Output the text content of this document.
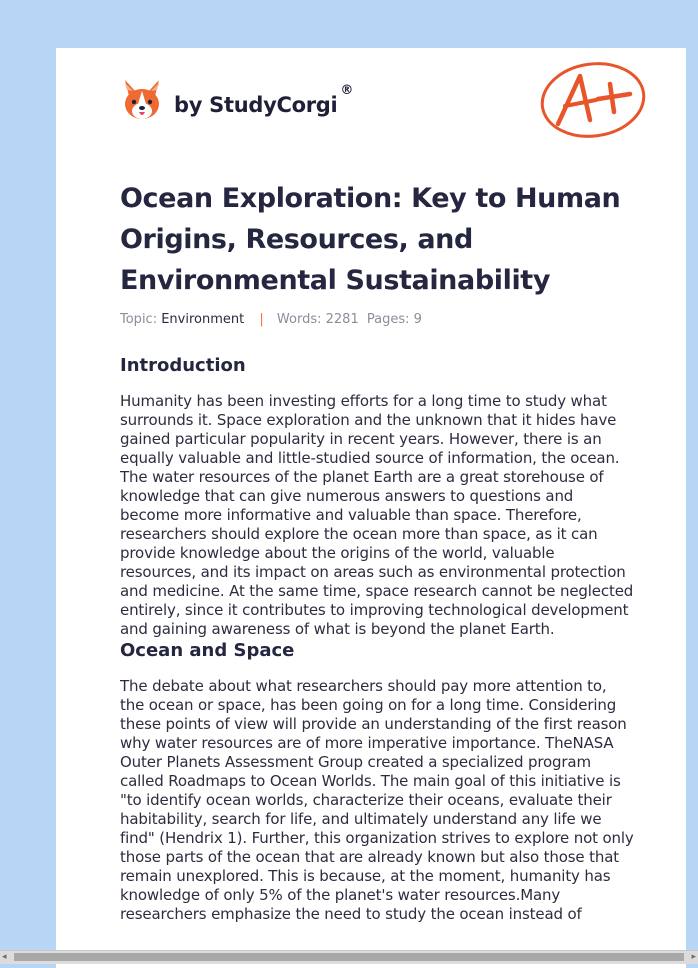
by StudyCorgi
®
Ocean Exploration: Key to Human Origins, Resources, and Environmental Sustainability
Topic: Environment | Words: 2281 Pages: 9
Introduction

Humanity has been investing efforts for a long time to study what surrounds it. Space exploration and the unknown that it hides have gained particular popularity in recent years. However, there is an equally valuable and little-studied source of information, the ocean. The water resources of the planet Earth are a great storehouse of knowledge that can give numerous answers to questions and become more informative and valuable than space. Therefore, researchers should explore the ocean more than space, as it can provide knowledge about the origins of the world, valuable resources, and its impact on areas such as environmental protection and medicine. At the same time, space research cannot be neglected entirely, since it contributes to improving technological development and gaining awareness of what is beyond the planet Earth.

Ocean and Space

The debate about what researchers should pay more attention to, the ocean or space, has been going on for a long time. Considering these points of view will provide an understanding of the first reason why water resources are of more imperative importance. TheNASA Outer Planets Assessment Group created a specialized program called Roadmaps to Ocean Worlds. The main goal of this initiative is "to identify ocean worlds, characterize their oceans, evaluate their habitability, search for life, and ultimately understand any life we find" (Hendrix 1). Further, this organization strives to explore not only those parts of the ocean that are already known but also those that remain unexplored. This is because, at the moment, humanity has knowledge of only 5% of the planet's water resources.Many researchers emphasize the need to study the ocean instead of

◂	▸
